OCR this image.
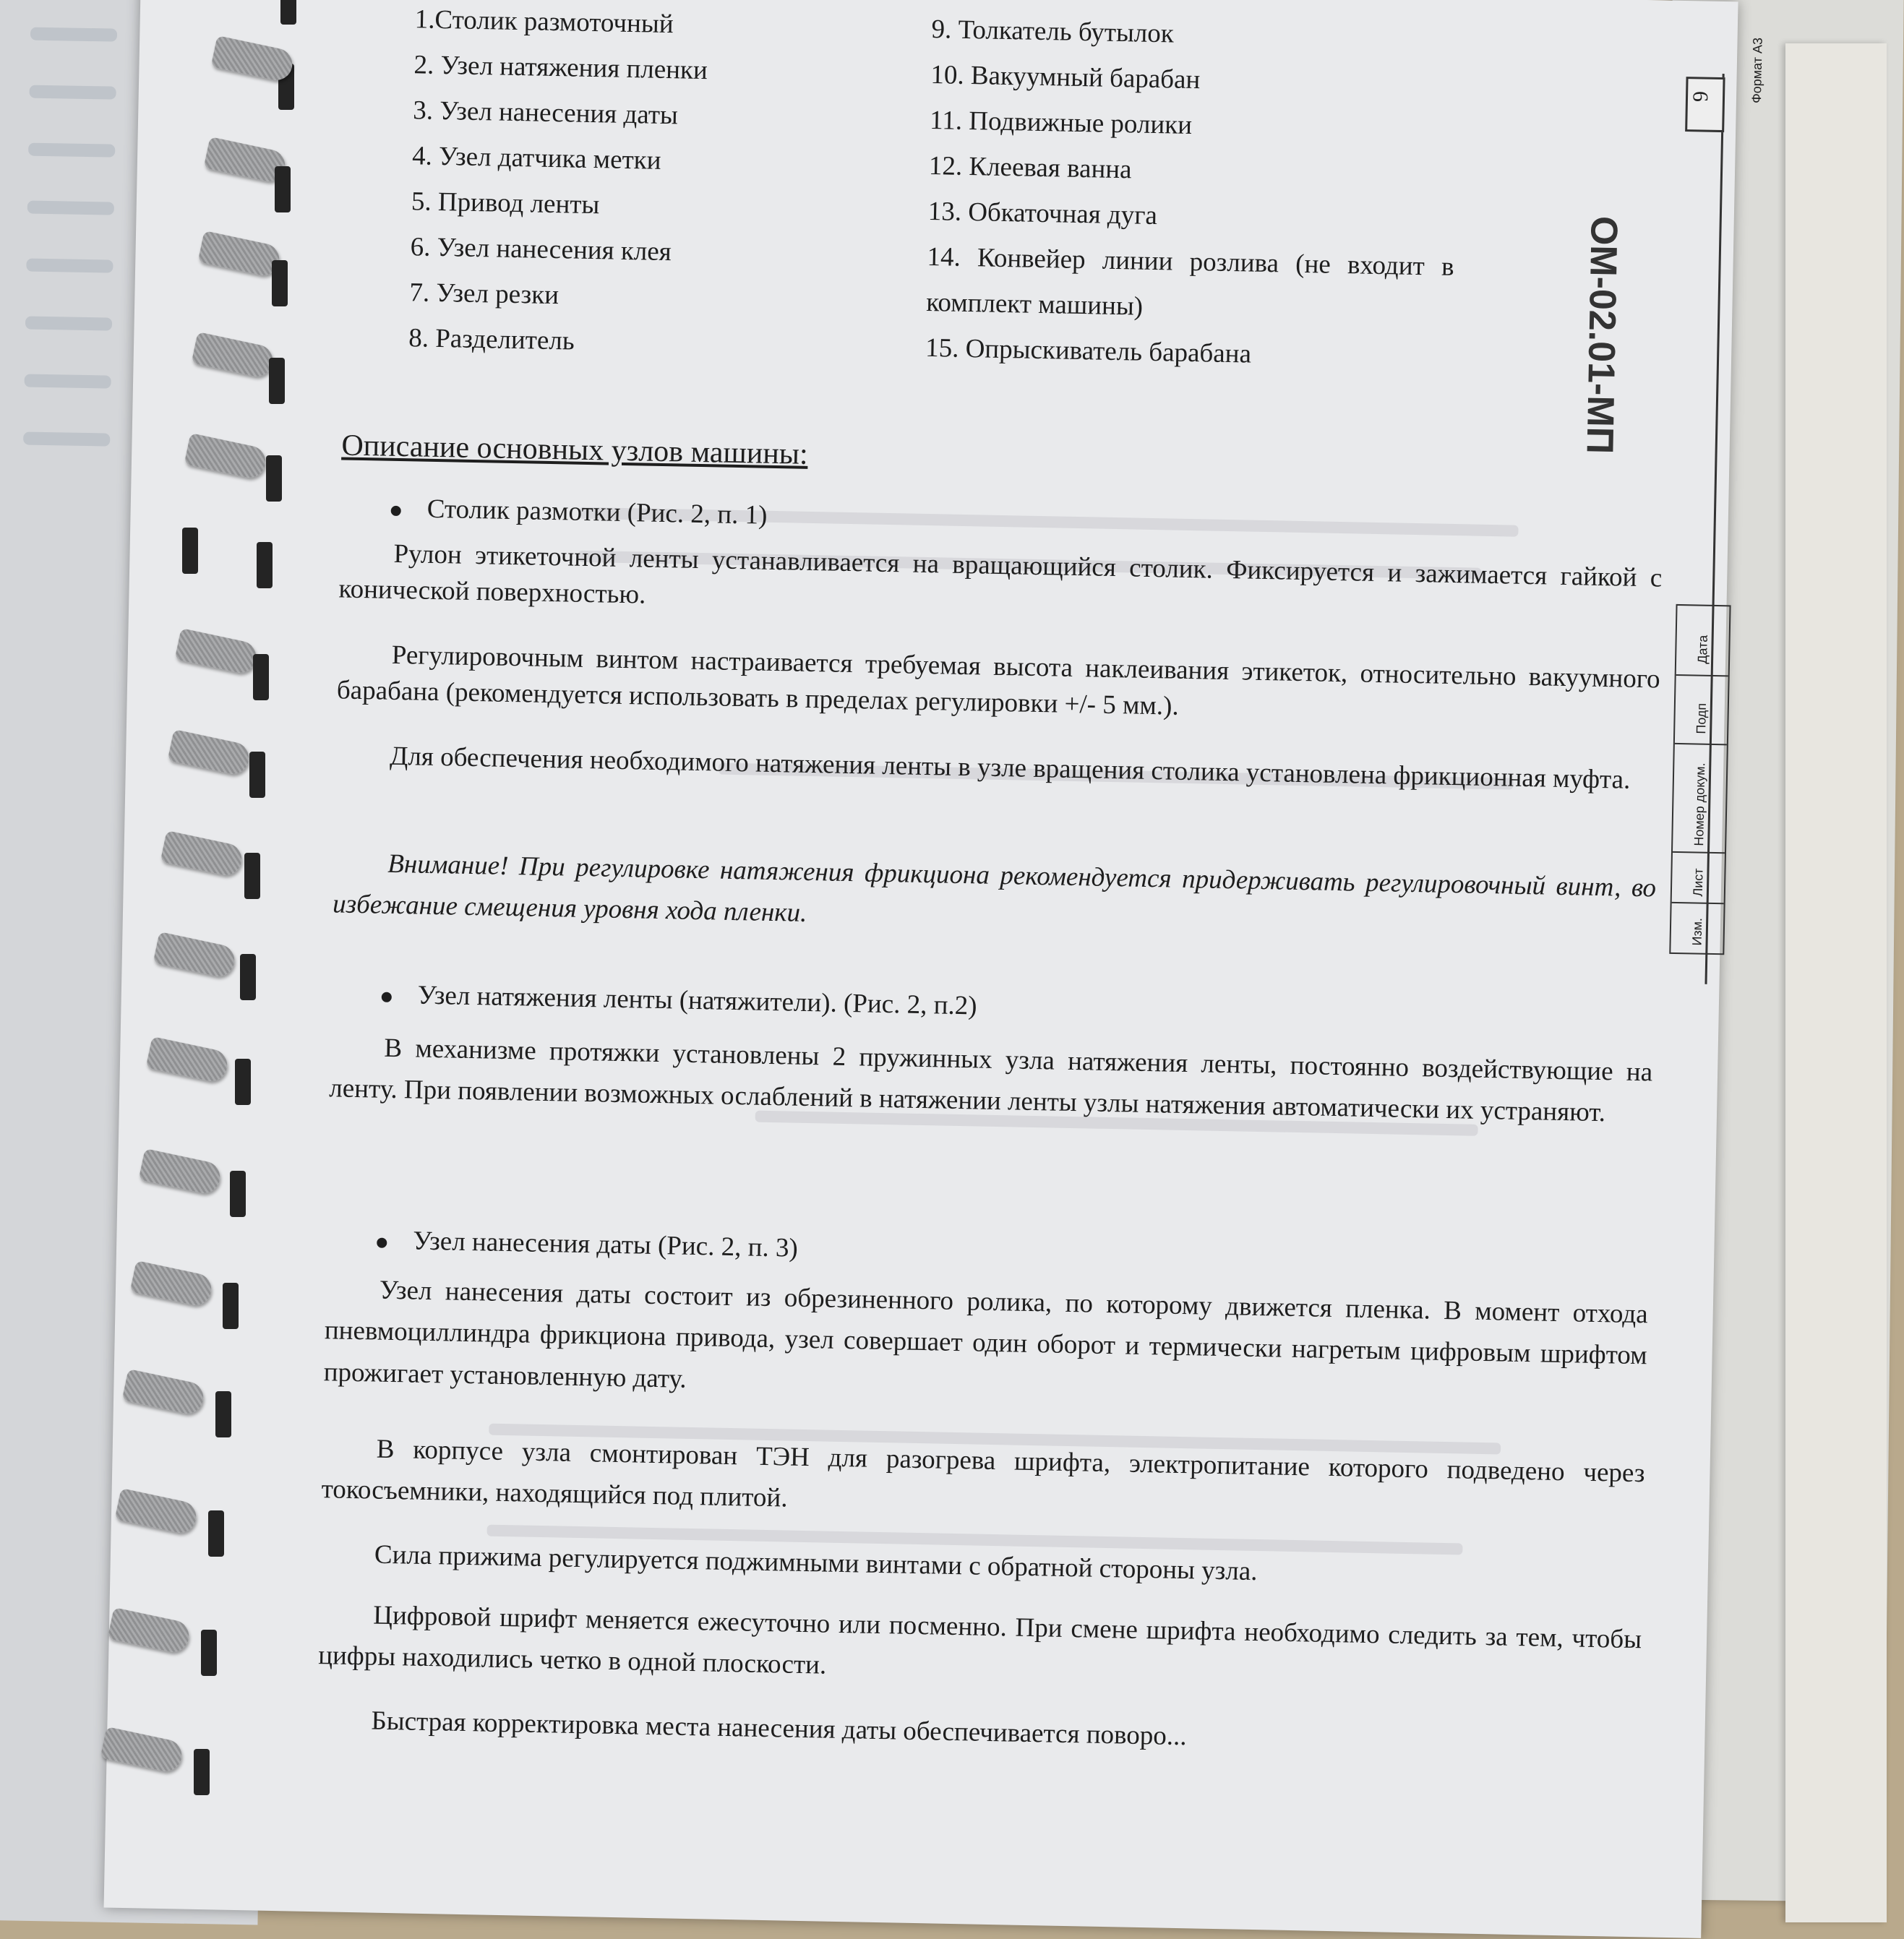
6	Формат А3
ОМ-02.01-МП
Дата
Подп
Номер докум.
Лист
Изм.
1.Столик размоточный
2. Узел натяжения пленки
3. Узел нанесения даты
4. Узел датчика метки
5. Привод ленты
6. Узел нанесения клея
7. Узел резки
8. Разделитель
9. Толкатель бутылок
10. Вакуумный барабан
11. Подвижные ролики
12. Клеевая ванна
13. Обкаточная дуга
14. Конвейер линии розлива (не входит в
комплект машины)
15. Опрыскиватель барабана
Описание основных узлов машины:
Столик размотки (Рис. 2, п. 1)
Рулон этикеточной ленты устанавливается на вращающийся столик. Фиксируется и зажимается гайкой с конической поверхностью.
Регулировочным винтом настраивается требуемая высота наклеивания этикеток, относительно вакуумного барабана (рекомендуется использовать в пределах регулировки +/- 5 мм.).
Для обеспечения необходимого натяжения ленты в узле вращения столика установлена фрикционная муфта.
Внимание! При регулировке натяжения фрикциона рекомендуется придерживать регулировочный винт, во избежание смещения уровня хода пленки.
Узел натяжения ленты (натяжители). (Рис. 2, п.2)
В механизме протяжки установлены 2 пружинных узла натяжения ленты, постоянно воздействующие на ленту. При появлении возможных ослаблений в натяжении ленты узлы натяжения автоматически их устраняют.
Узел нанесения даты (Рис. 2, п. 3)
Узел нанесения даты состоит из обрезиненного ролика, по которому движется пленка. В момент отхода пневмоциллиндра фрикциона привода, узел совершает один оборот и термически нагретым цифровым шрифтом прожигает установленную дату.
В корпусе узла смонтирован ТЭН для разогрева шрифта, электропитание которого подведено через токосъемники, находящийся под плитой.
Сила прижима регулируется поджимными винтами с обратной стороны узла.
Цифровой шрифт меняется ежесуточно или посменно. При смене шрифта необходимо следить за тем, чтобы цифры находились четко в одной плоскости.
Быстрая корректировка места нанесения даты обеспечивается поворо...
